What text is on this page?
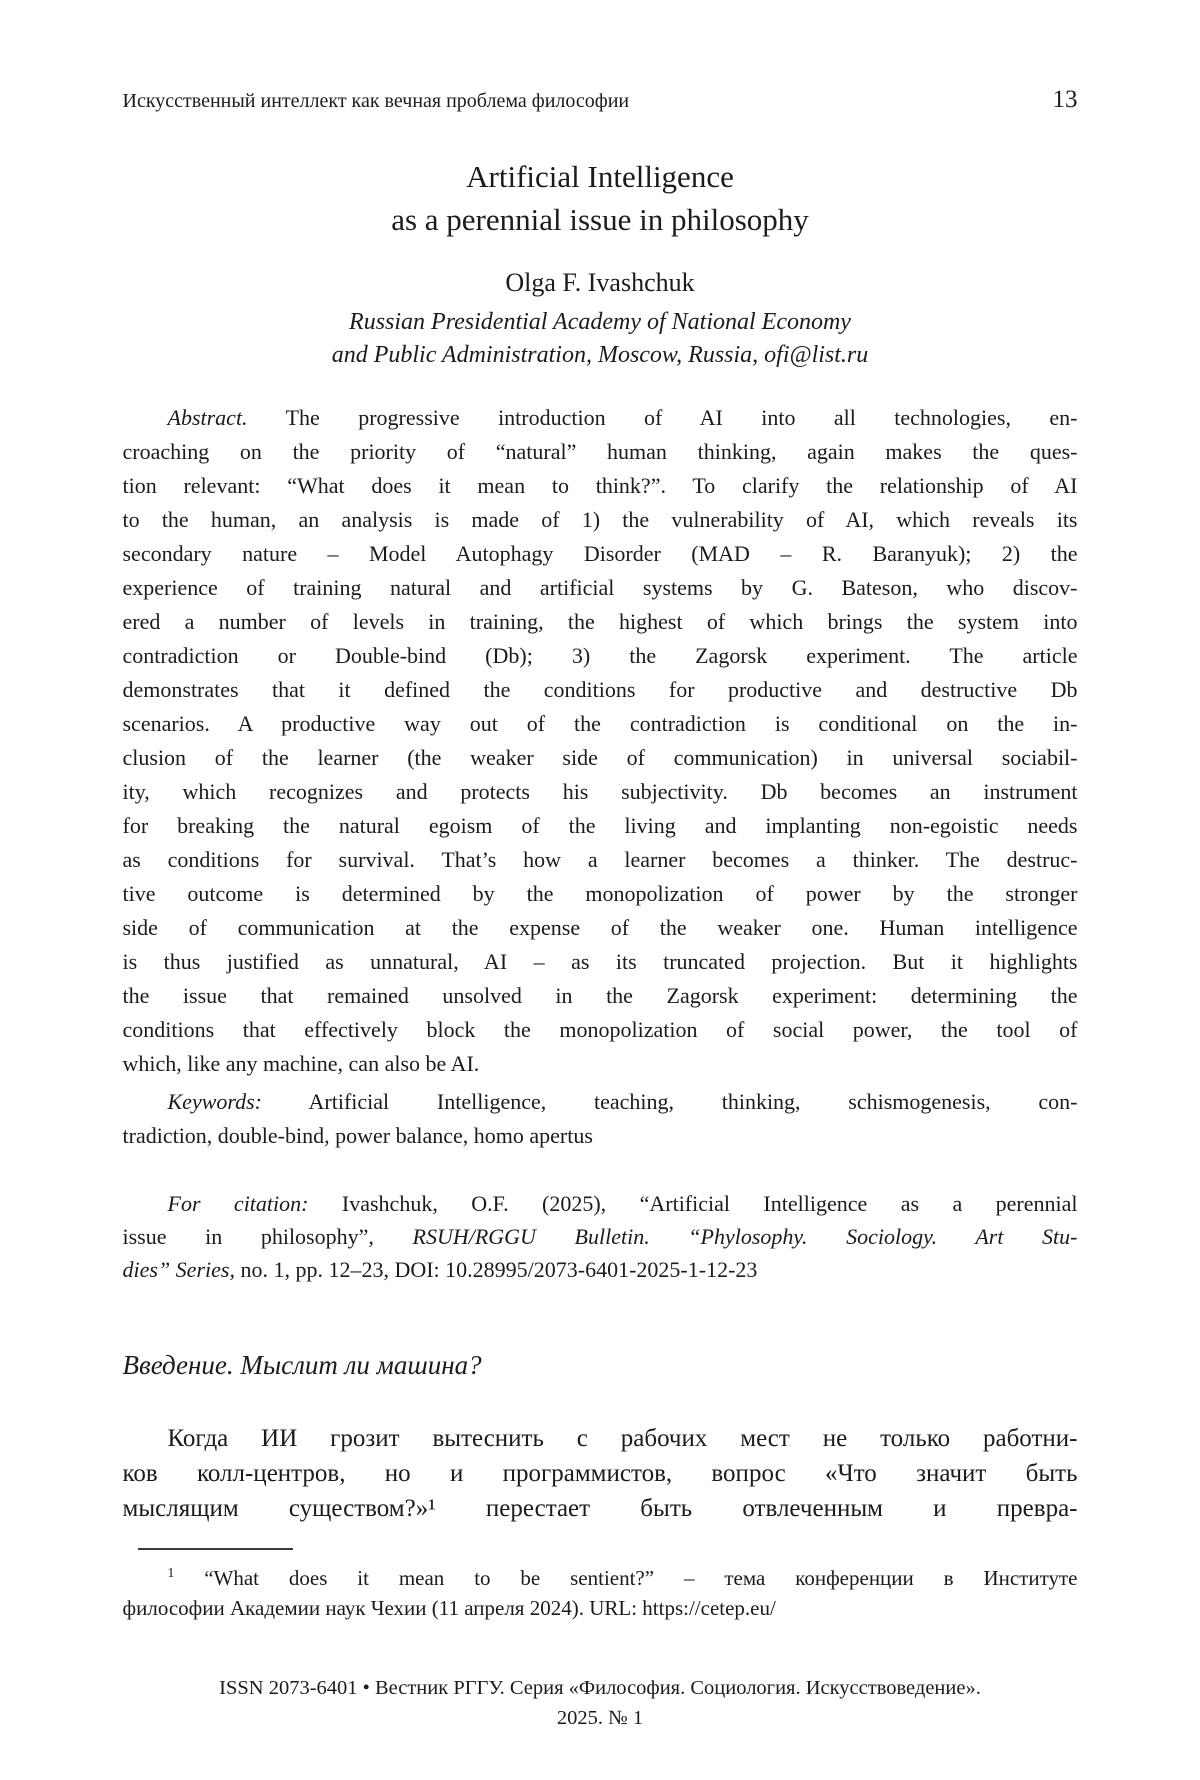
Искусственный интеллект как вечная проблема философии	13
Artificial Intelligence
as a perennial issue in philosophy
Olga F. Ivashchuk
Russian Presidential Academy of National Economy
and Public Administration, Moscow, Russia, ofi@list.ru
Abstract. The progressive introduction of AI into all technologies, en-
croaching on the priority of “natural” human thinking, again makes the ques-
tion relevant: “What does it mean to think?”. To clarify the relationship of AI
to the human, an analysis is made of 1) the vulnerability of AI, which reveals its
secondary nature – Model Autophagy Disorder (MAD – R. Baranyuk); 2) the
experience of training natural and artificial systems by G. Bateson, who discov-
ered a number of levels in training, the highest of which brings the system into
contradiction or Double-bind (Db); 3) the Zagorsk experiment. The article
demonstrates that it defined the conditions for productive and destructive Db
scenarios. A productive way out of the contradiction is conditional on the in-
clusion of the learner (the weaker side of communication) in universal sociabil-
ity, which recognizes and protects his subjectivity. Db becomes an instrument
for breaking the natural egoism of the living and implanting non-egoistic needs
as conditions for survival. That’s how a learner becomes a thinker. The destruc-
tive outcome is determined by the monopolization of power by the stronger
side of communication at the expense of the weaker one. Human intelligence
is thus justified as unnatural, AI – as its truncated projection. But it highlights
the issue that remained unsolved in the Zagorsk experiment: determining the
conditions that effectively block the monopolization of social power, the tool of
which, like any machine, can also be AI.
Keywords: Artificial Intelligence, teaching, thinking, schismogenesis, con-
tradiction, double-bind, power balance, homo apertus
For citation: Ivashchuk, O.F. (2025), “Artificial Intelligence as a perennial
issue in philosophy”, RSUH/RGGU Bulletin. “Phylosophy. Sociology. Art Stu-
dies” Series, no. 1, pp. 12–23, DOI: 10.28995/2073-6401-2025-1-12-23
Введение. Мыслит ли машина?
Когда ИИ грозит вытеснить с рабочих мест не только работни-
ков колл-центров, но и программистов, вопрос «Что значит быть
мыслящим существом?»¹ перестает быть отвлеченным и превра-
$^1$ “What does it mean to be sentient?” – тема конференции в Институте
философии Академии наук Чехии (11 апреля 2024). URL: https://cetep.eu/
ISSN 2073-6401 • Вестник РГГУ. Серия «Философия. Социология. Искусствоведение».
2025. № 1
